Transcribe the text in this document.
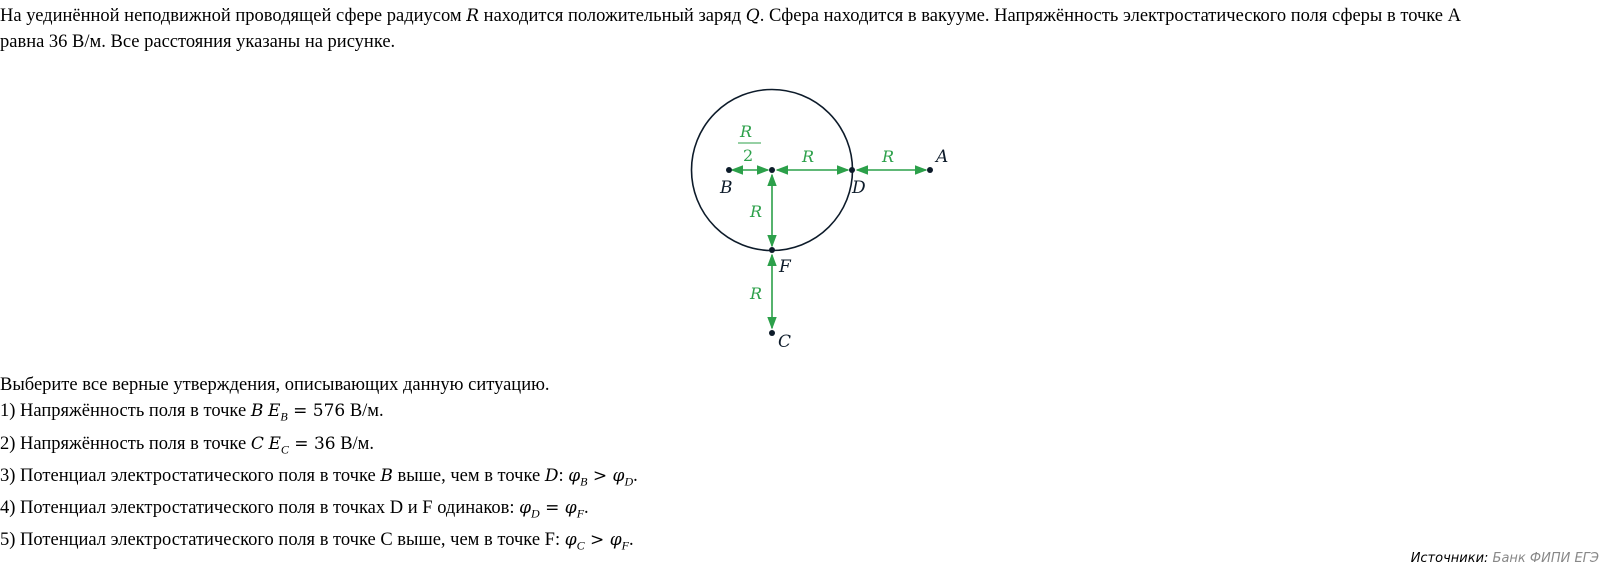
На уединённой неподвижной проводящей сфере радиусом R находится положительный заряд Q. Сфера находится в вакууме. Напряжённость электростатического поля сферы в точке А равна 36 В/м. Все расстояния указаны на рисунке.
A
B	D
F
C
R
2	R	R
R
R
Выберите все верные утверждения, описывающих данную ситуацию.
1) Напряжённость поля в точке B $E_B = 576$ В/м.
2) Напряжённость поля в точке C $E_C = 36$ В/м.
3) Потенциал электростатического поля в точке B выше, чем в точке D: $\varphi_B > \varphi_D$.
4) Потенциал электростатического поля в точках D и F одинаков: $\varphi_D = \varphi_F$.
5) Потенциал электростатического поля в точке C выше, чем в точке F: $\varphi_C > \varphi_F$.
Источники: Банк ФИПИ ЕГЭ
